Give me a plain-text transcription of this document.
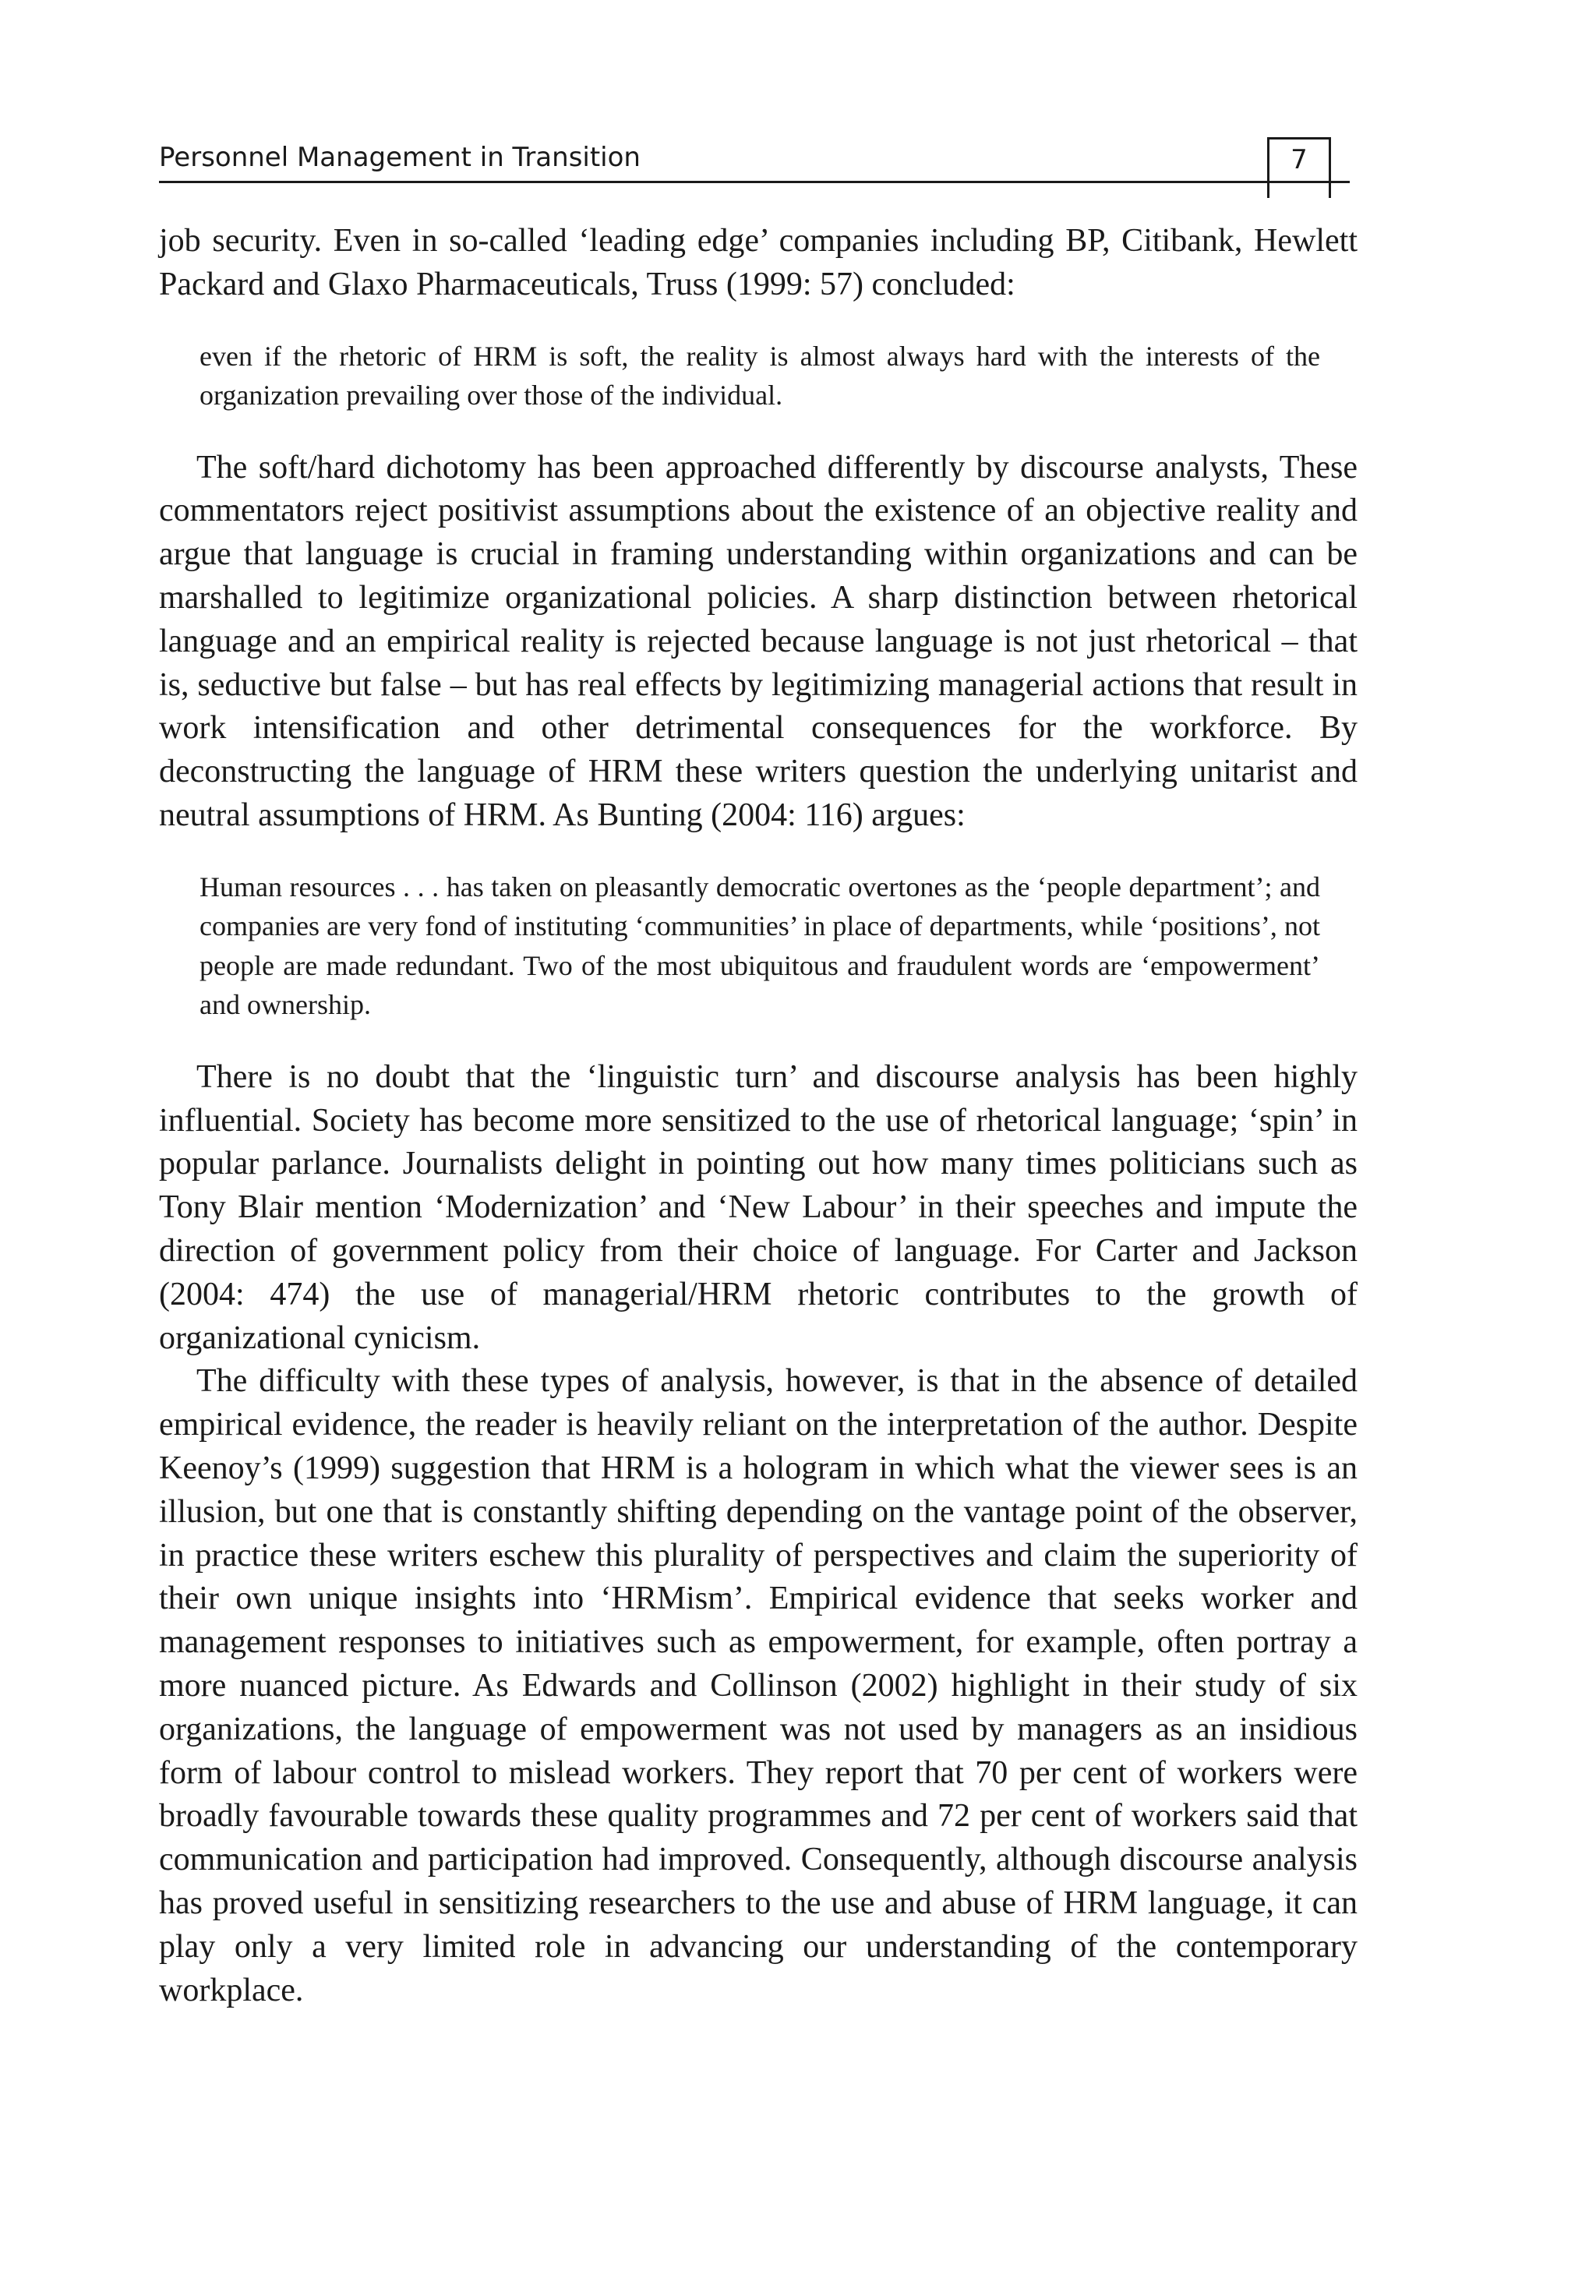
Personnel Management in Transition	7

job security. Even in so-called ‘leading edge’ companies including BP, Citibank, Hewlett Packard and Glaxo Pharmaceuticals, Truss (1999: 57) concluded:

even if the rhetoric of HRM is soft, the reality is almost always hard with the interests of the organization prevailing over those of the individual.

The soft/hard dichotomy has been approached differently by discourse analysts, These commentators reject positivist assumptions about the existence of an objective reality and argue that language is crucial in framing understanding within organizations and can be marshalled to legitimize organizational policies. A sharp distinction between rhetorical language and an empirical reality is rejected because language is not just rhetorical – that is, seductive but false – but has real effects by legitimizing managerial actions that result in work intensification and other detrimental consequences for the workforce. By deconstructing the language of HRM these writers question the underlying unitarist and neutral assumptions of HRM. As Bunting (2004: 116) argues:

Human resources . . . has taken on pleasantly democratic overtones as the ‘people department’; and companies are very fond of instituting ‘communities’ in place of departments, while ‘positions’, not people are made redundant. Two of the most ubiquitous and fraudulent words are ‘empowerment’ and ownership.

There is no doubt that the ‘linguistic turn’ and discourse analysis has been highly influential. Society has become more sensitized to the use of rhetorical language; ‘spin’ in popular parlance. Journalists delight in pointing out how many times politicians such as Tony Blair mention ‘Modernization’ and ‘New Labour’ in their speeches and impute the direction of government policy from their choice of language. For Carter and Jackson (2004: 474) the use of managerial/HRM rhetoric contributes to the growth of organizational cynicism.

The difficulty with these types of analysis, however, is that in the absence of detailed empirical evidence, the reader is heavily reliant on the interpretation of the author. Despite Keenoy’s (1999) suggestion that HRM is a hologram in which what the viewer sees is an illusion, but one that is constantly shifting depending on the vantage point of the observer, in practice these writers eschew this plurality of perspectives and claim the superiority of their own unique insights into ‘HRMism’. Empirical evidence that seeks worker and management responses to initiatives such as empowerment, for example, often portray a more nuanced picture. As Edwards and Collinson (2002) highlight in their study of six organizations, the language of empowerment was not used by managers as an insidious form of labour control to mislead workers. They report that 70 per cent of workers were broadly favourable towards these quality programmes and 72 per cent of workers said that communication and participation had improved. Consequently, although discourse analysis has proved useful in sensitizing researchers to the use and abuse of HRM language, it can play only a very limited role in advancing our understanding of the contemporary workplace.
